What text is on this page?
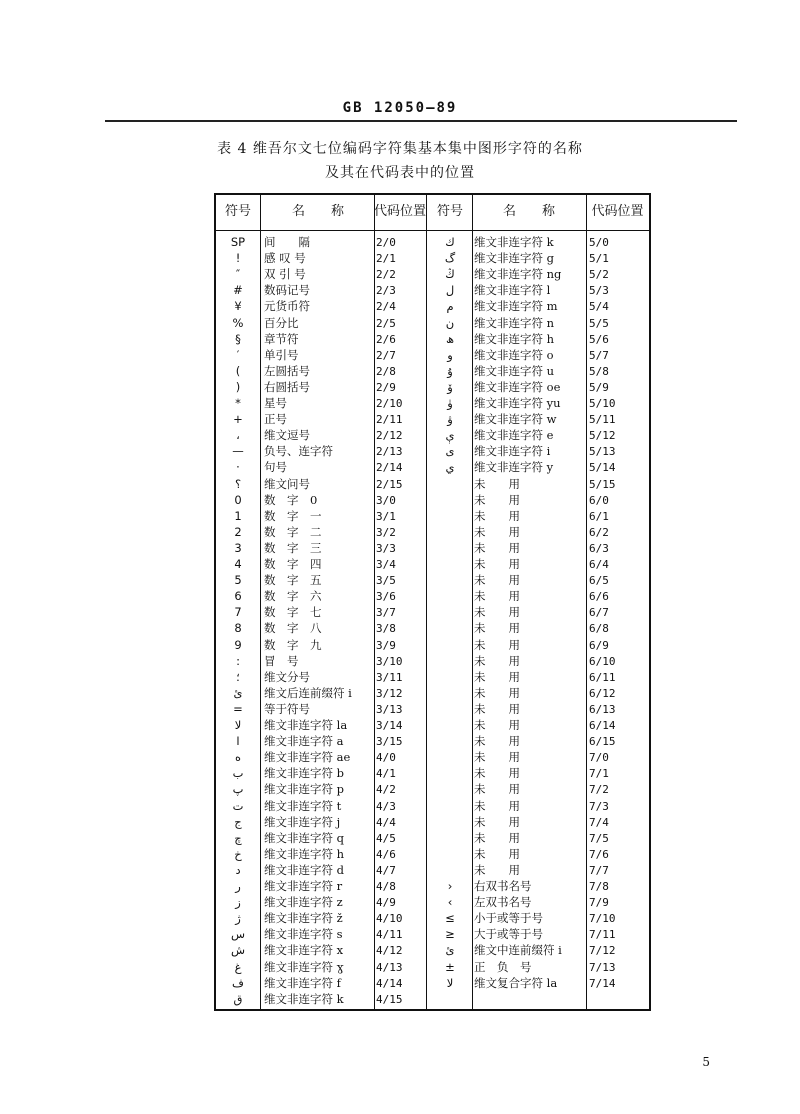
GB 12050—89
表 4 维吾尔文七位编码字符集基本集中图形字符的名称
及其在代码表中的位置
符号	名　　称	代码位置 符号	名　　称	代码位置
SP	间　　隔	2/0	ك	维文非连字符 k	5/0
!	感 叹 号	2/1	گ	维文非连字符 g	5/1
″	双 引 号	2/2	ڭ	维文非连字符 ng	5/2
#	数码记号	2/3	ل	维文非连字符 l	5/3
¥	元货币符	2/4	م	维文非连字符 m	5/4
%	百分比	2/5	ن	维文非连字符 n	5/5
§	章节符	2/6	ھ	维文非连字符 h	5/6
′	单引号	2/7	و	维文非连字符 o	5/7
(	左圆括号	2/8	ۇ	维文非连字符 u	5/8
)	右圆括号	2/9	ۆ	维文非连字符 oe	5/9
*	星号	2/10	ۈ	维文非连字符 yu	5/10
+	正号	2/11	ۋ	维文非连字符 w	5/11
،	维文逗号	2/12	ې	维文非连字符 e	5/12
—	负号、连字符	2/13	ى	维文非连字符 i	5/13
·	句号	2/14	ي	维文非连字符 y	5/14
؟	维文问号	2/15	未　　用	5/15
0	数　字　0	3/0	未　　用	6/0
1	数　字　一	3/1	未　　用	6/1
2	数　字　二	3/2	未　　用	6/2
3	数　字　三	3/3	未　　用	6/3
4	数　字　四	3/4	未　　用	6/4
5	数　字　五	3/5	未　　用	6/5
6	数　字　六	3/6	未　　用	6/6
7	数　字　七	3/7	未　　用	6/7
8	数　字　八	3/8	未　　用	6/8
9	数　字　九	3/9	未　　用	6/9
:	冒　号	3/10	未　　用	6/10
؛	维文分号	3/11	未　　用	6/11
ئ	维文后连前缀符 i	3/12	未　　用	6/12
=	等于符号	3/13	未　　用	6/13
لا	维文非连字符 la	3/14	未　　用	6/14
ا	维文非连字符 a	3/15	未　　用	6/15
ە	维文非连字符 ae	4/0	未　　用	7/0
ب	维文非连字符 b	4/1	未　　用	7/1
پ	维文非连字符 p	4/2	未　　用	7/2
ت	维文非连字符 t	4/3	未　　用	7/3
ج	维文非连字符 j	4/4	未　　用	7/4
چ	维文非连字符 q	4/5	未　　用	7/5
خ	维文非连字符 h	4/6	未　　用	7/6
د	维文非连字符 d	4/7	未　　用	7/7
ر	维文非连字符 r	4/8	›	右双书名号	7/8
ز	维文非连字符 z	4/9	‹	左双书名号	7/9
ژ	维文非连字符 ž	4/10	≤	小于或等于号	7/10
س	维文非连字符 s	4/11	≥	大于或等于号	7/11
ش	维文非连字符 x	4/12	ئ	维文中连前缀符 i	7/12
غ	维文非连字符 ɣ	4/13	±	正　负　号	7/13
ف	维文非连字符 f	4/14	ﻻ	维文复合字符 la	7/14
ق	维文非连字符 k	4/15
5
